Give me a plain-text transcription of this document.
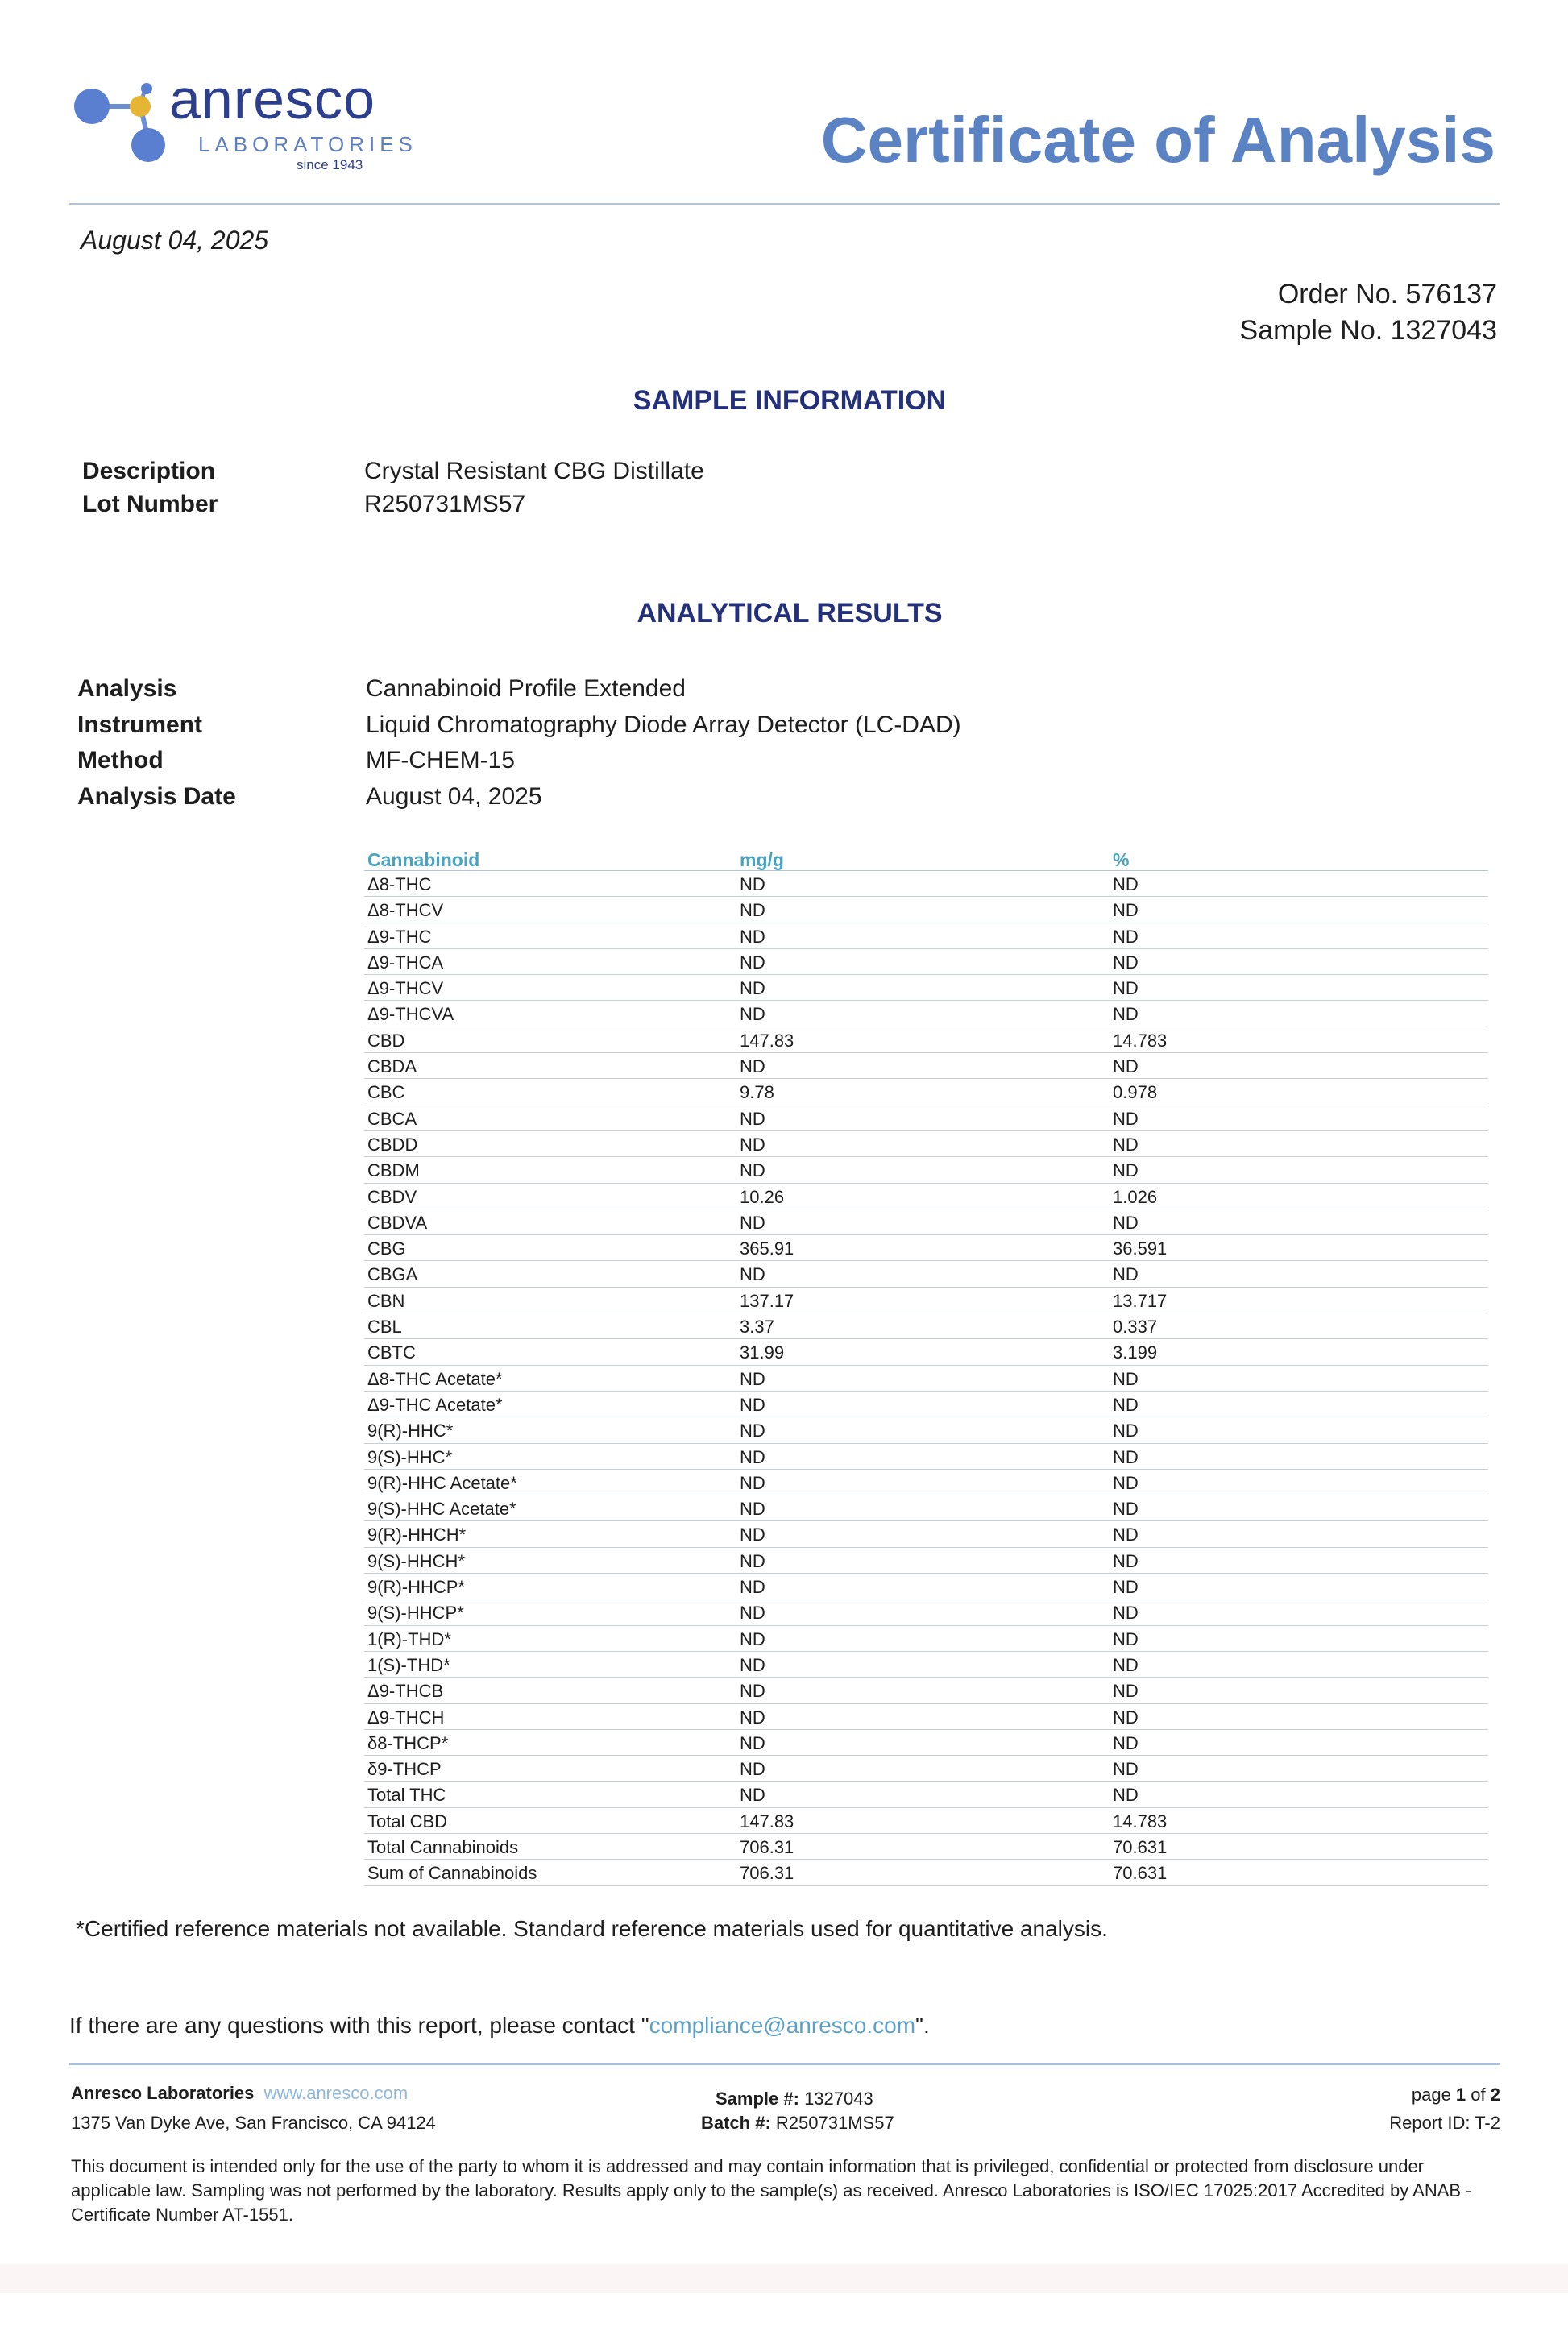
anresco
LABORATORIES
since 1943	Certificate of Analysis
August 04, 2025
Order No. 576137
Sample No. 1327043
SAMPLE INFORMATION
Description	Crystal Resistant CBG Distillate
Lot Number	R250731MS57
ANALYTICAL RESULTS
Analysis	Cannabinoid Profile Extended
Instrument	Liquid Chromatography Diode Array Detector (LC-DAD)
Method	MF-CHEM-15
Analysis Date	August 04, 2025
Cannabinoid	mg/g	%
Δ8-THC	ND	ND
Δ8-THCV	ND	ND
Δ9-THC	ND	ND
Δ9-THCA	ND	ND
Δ9-THCV	ND	ND
Δ9-THCVA	ND	ND
CBD	147.83	14.783
CBDA	ND	ND
CBC	9.78	0.978
CBCA	ND	ND
CBDD	ND	ND
CBDM	ND	ND
CBDV	10.26	1.026
CBDVA	ND	ND
CBG	365.91	36.591
CBGA	ND	ND
CBN	137.17	13.717
CBL	3.37	0.337
CBTC	31.99	3.199
Δ8-THC Acetate*	ND	ND
Δ9-THC Acetate*	ND	ND
9(R)-HHC*	ND	ND
9(S)-HHC*	ND	ND
9(R)-HHC Acetate*	ND	ND
9(S)-HHC Acetate*	ND	ND
9(R)-HHCH*	ND	ND
9(S)-HHCH*	ND	ND
9(R)-HHCP*	ND	ND
9(S)-HHCP*	ND	ND
1(R)-THD*	ND	ND
1(S)-THD*	ND	ND
Δ9-THCB	ND	ND
Δ9-THCH	ND	ND
δ8-THCP*	ND	ND
δ9-THCP	ND	ND
Total THC	ND	ND
Total CBD	147.83	14.783
Total Cannabinoids	706.31	70.631
Sum of Cannabinoids	706.31	70.631
*Certified reference materials not available. Standard reference materials used for quantitative analysis.
If there are any questions with this report, please contact "compliance@anresco.com".
Anresco Laboratories www.anresco.com
1375 Van Dyke Ave, San Francisco, CA 94124
Sample #: 1327043
Batch #: R250731MS57
page 1 of 2
Report ID: T-2
This document is intended only for the use of the party to whom it is addressed and may contain information that is privileged, confidential or protected from disclosure under applicable law. Sampling was not performed by the laboratory. Results apply only to the sample(s) as received. Anresco Laboratories is ISO/IEC 17025:2017 Accredited by ANAB - Certificate Number AT-1551.
